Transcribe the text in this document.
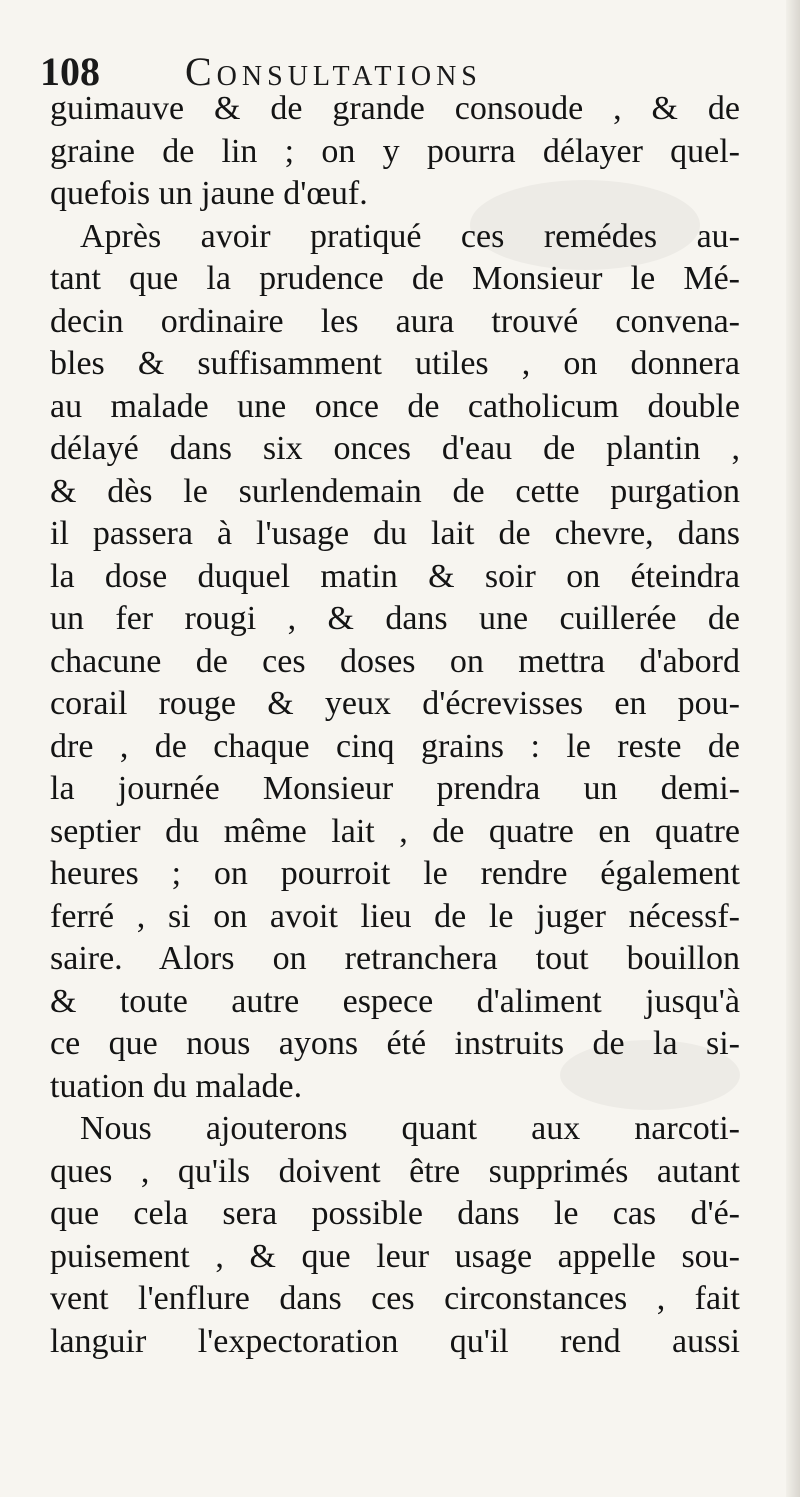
108 Consultations
guimauve & de grande consoude , & de
graine de lin ; on y pourra délayer quel-
quefois un jaune d'œuf.
Après avoir pratiqué ces remédes au-
tant que la prudence de Monsieur le Mé-
decin ordinaire les aura trouvé convena-
bles & suffisamment utiles , on donnera
au malade une once de catholicum double
délayé dans six onces d'eau de plantin ,
& dès le surlendemain de cette purgation
il passera à l'usage du lait de chevre, dans
la dose duquel matin & soir on éteindra
un fer rougi , & dans une cuillerée de
chacune de ces doses on mettra d'abord
corail rouge & yeux d'écrevisses en pou-
dre , de chaque cinq grains : le reste de
la journée Monsieur prendra un demi-
septier du même lait , de quatre en quatre
heures ; on pourroit le rendre également
ferré , si on avoit lieu de le juger nécessf-
saire. Alors on retranchera tout bouillon
& toute autre espece d'aliment jusqu'à
ce que nous ayons été instruits de la si-
tuation du malade.
Nous ajouterons quant aux narcoti-
ques , qu'ils doivent être supprimés autant
que cela sera possible dans le cas d'é-
puisement , & que leur usage appelle sou-
vent l'enflure dans ces circonstances , fait
languir l'expectoration qu'il rend aussi
